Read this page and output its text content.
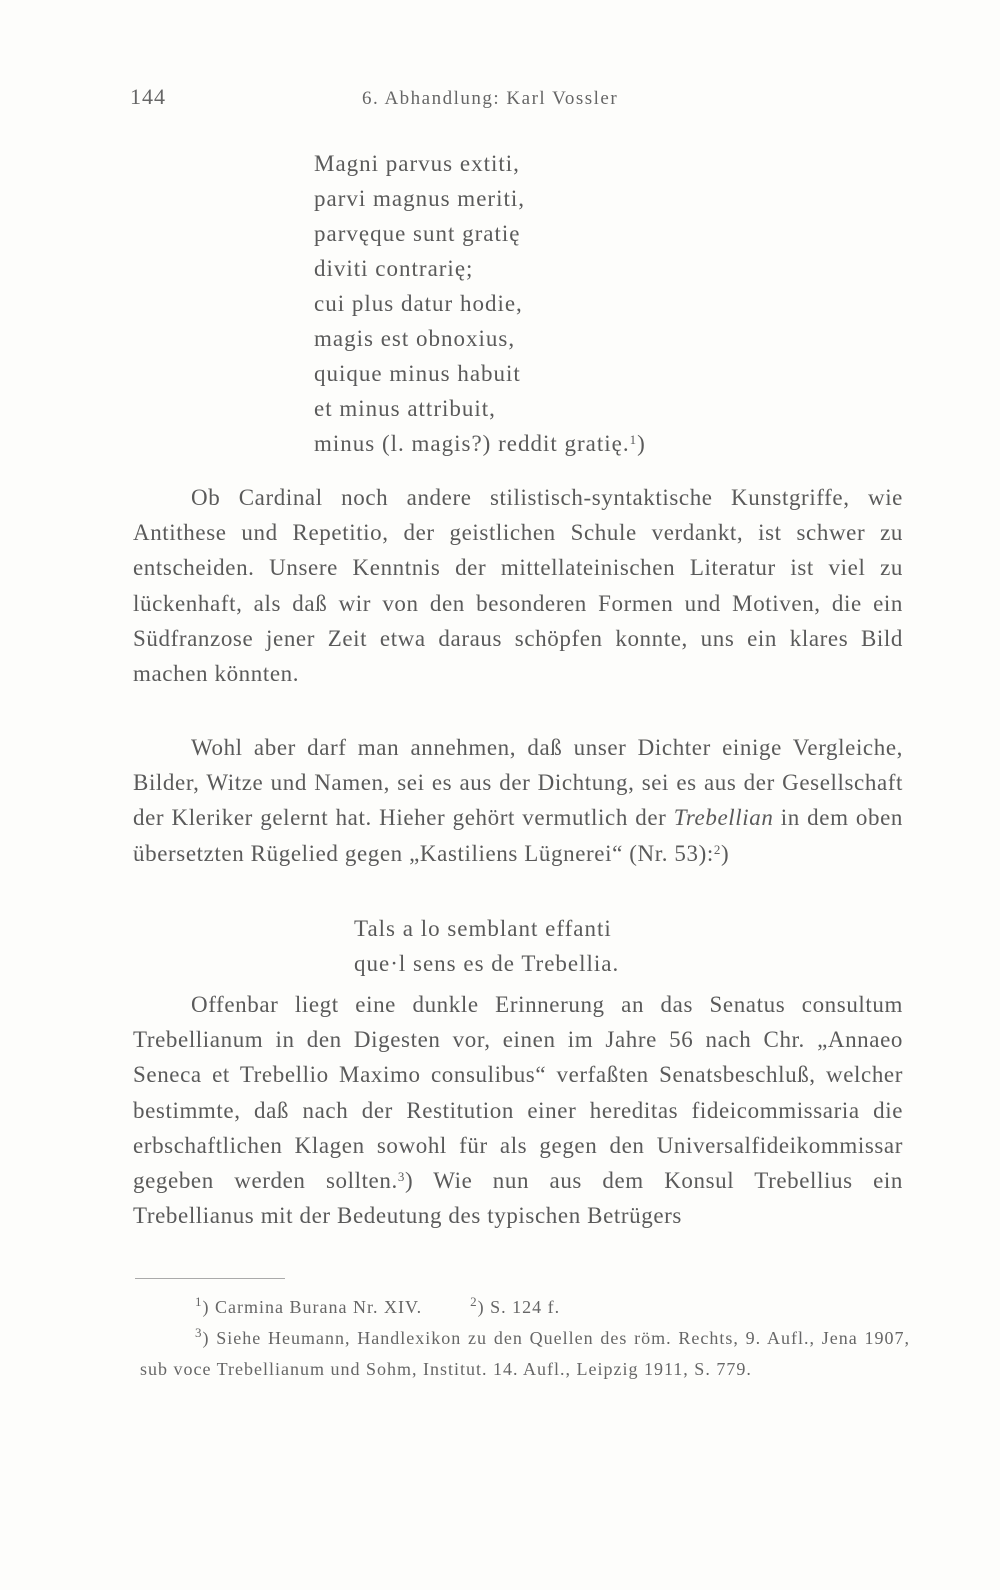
144	6. Abhandlung: Karl Vossler
Magni parvus extiti,
parvi magnus meriti,
parvęque sunt gratię
diviti contrarię;
cui plus datur hodie,
magis est obnoxius,
quique minus habuit
et minus attribuit,
minus (l. magis?) reddit gratię.$^1$)

Ob Cardinal noch andere stilistisch-syntaktische Kunstgriffe, wie Antithese und Repetitio, der geistlichen Schule verdankt, ist schwer zu entscheiden. Unsere Kenntnis der mittellateinischen Literatur ist viel zu lückenhaft, als daß wir von den besonderen Formen und Motiven, die ein Südfranzose jener Zeit etwa daraus schöpfen konnte, uns ein klares Bild machen könnten.

Wohl aber darf man annehmen, daß unser Dichter einige Vergleiche, Bilder, Witze und Namen, sei es aus der Dichtung, sei es aus der Gesellschaft der Kleriker gelernt hat. Hieher gehört vermutlich der Trebellian in dem oben übersetzten Rügelied gegen „Kastiliens Lügnerei“ (Nr. 53):$^2$)

Tals a lo semblant effanti
que·l sens es de Trebellia.

Offenbar liegt eine dunkle Erinnerung an das Senatus consultum Trebellianum in den Digesten vor, einen im Jahre 56 nach Chr. „Annaeo Seneca et Trebellio Maximo consulibus“ verfaßten Senatsbeschluß, welcher bestimmte, daß nach der Restitution einer hereditas fideicommissaria die erbschaftlichen Klagen sowohl für als gegen den Universalfideikommissar gegeben werden sollten.$^3$) Wie nun aus dem Konsul Trebellius ein Trebellianus mit der Bedeutung des typischen Betrügers

$^1$) Carmina Burana Nr. XIV.	$^2$) S. 124 f.

$^3$) Siehe Heumann, Handlexikon zu den Quellen des röm. Rechts, 9. Aufl., Jena 1907, sub voce Trebellianum und Sohm, Institut. 14. Aufl., Leipzig 1911, S. 779.
